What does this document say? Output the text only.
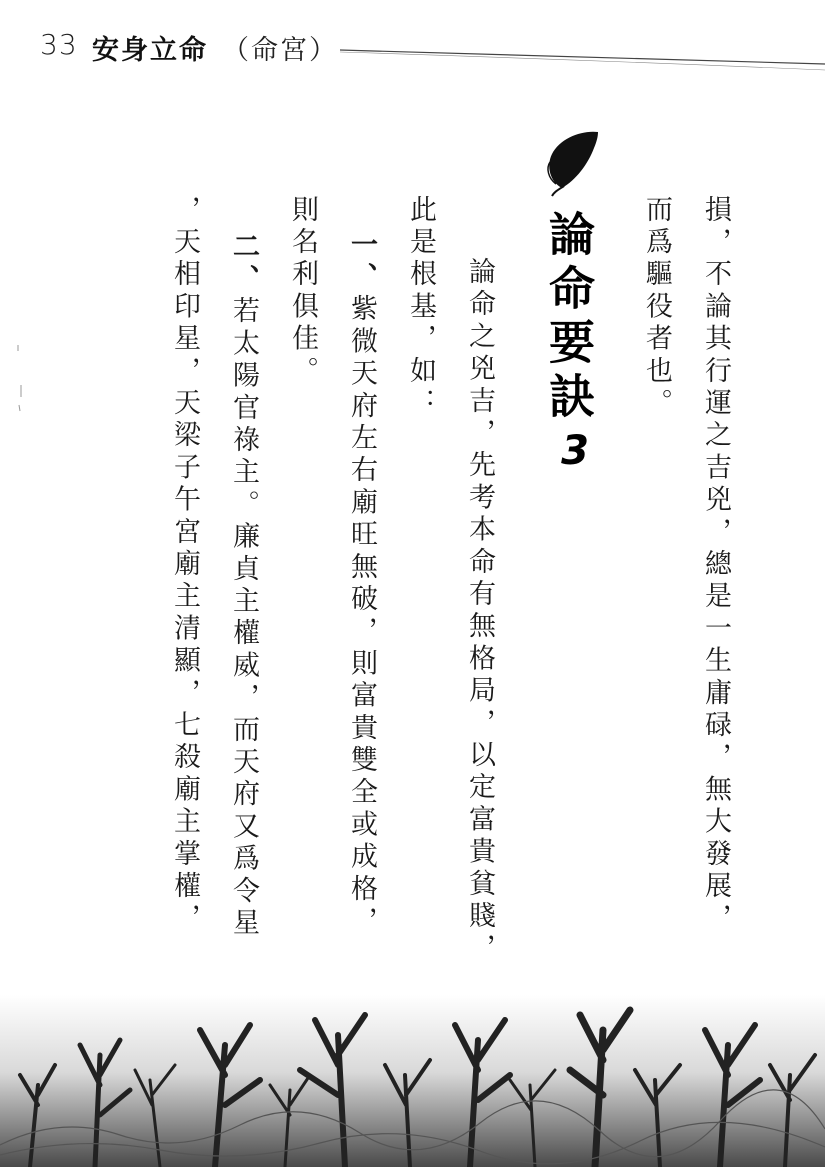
33 安身立命 （命宮）
損，不論其行運之吉兇，總是一生庸碌，無大發展，
而爲驅役者也。
論命要訣
3
　論命之兇吉，先考本命有無格局，以定富貴貧賤，
此是根基，如：
一、紫微天府左右廟旺無破，則富貴雙全或成格，
則名利俱佳。
二、若太陽官祿主。廉貞主權威，而天府又爲令星
，天相印星，天梁子午宮廟主清顯，七殺廟主掌權，
